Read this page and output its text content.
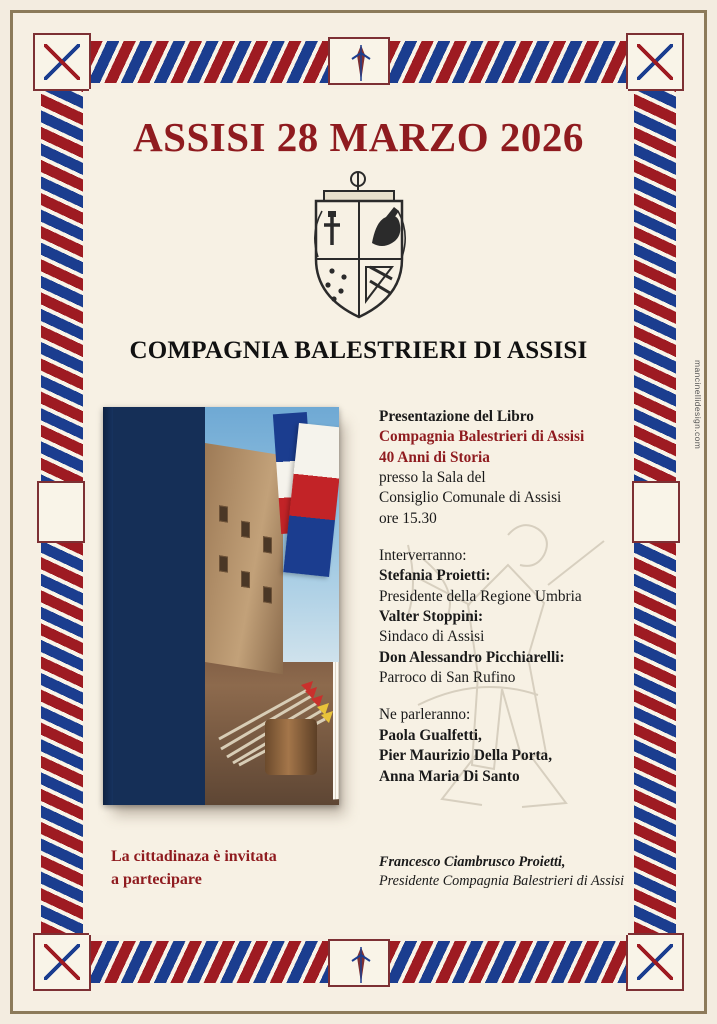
ASSISI 28 MARZO 2026
COMPAGNIA BALESTRIERI DI ASSISI
Presentazione del Libro
Compagnia Balestrieri di Assisi
40 Anni di Storia
presso la Sala del
Consiglio Comunale di Assisi
ore 15.30
Interverranno:
Stefania Proietti:
Presidente della Regione Umbria
Valter Stoppini:
Sindaco di Assisi
Don Alessandro Picchiarelli:
Parroco di San Rufino
Ne parleranno:
Paola Gualfetti,
Pier Maurizio Della Porta,
Anna Maria Di Santo
La cittadinaza è invitata
a partecipare
Francesco Ciambrusco Proietti,
Presidente Compagnia Balestrieri di Assisi
mancinellidesign.com
